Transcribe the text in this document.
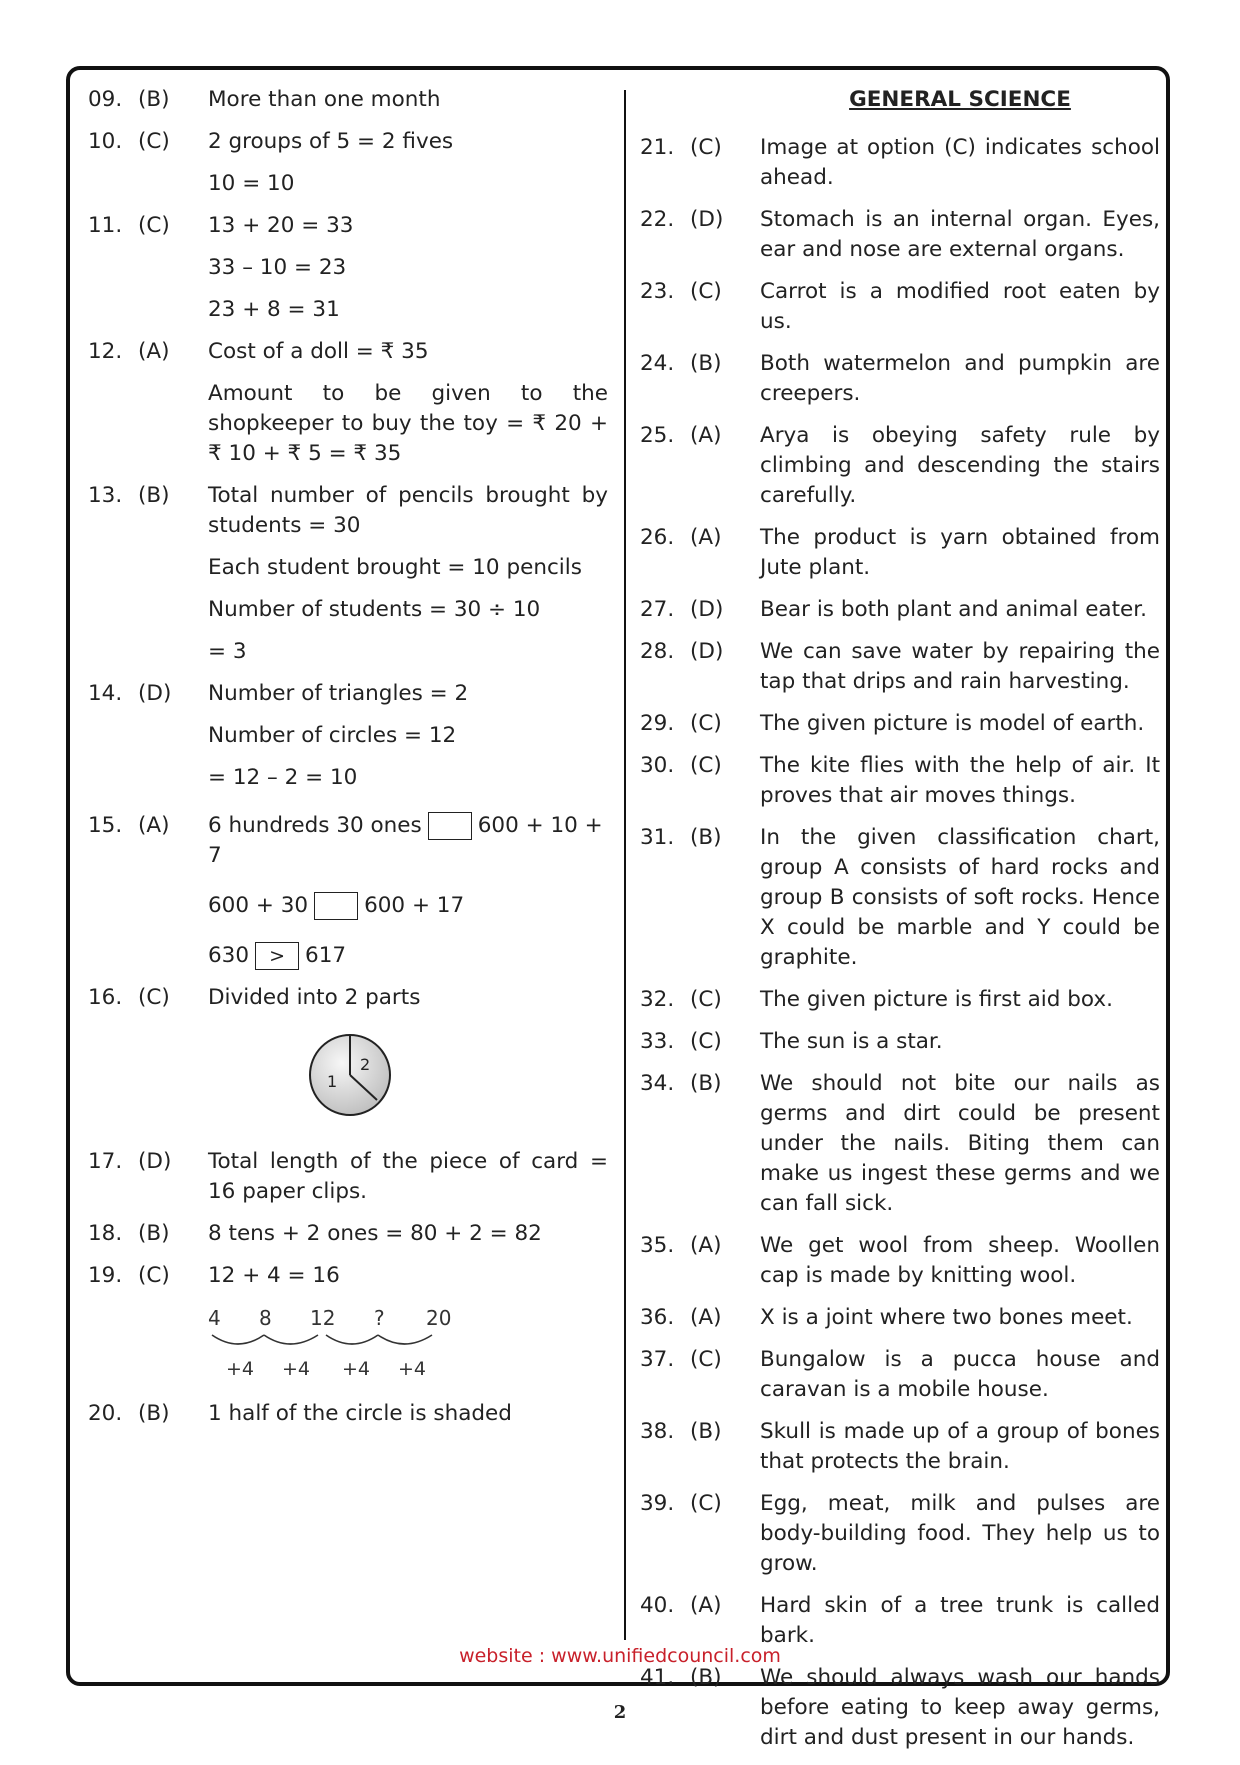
09. (B) More than one month
10. (C) 2 groups of 5 = 2 fives
10 = 10
11. (C) 13 + 20 = 33
33 – 10 = 23
23 + 8 = 31
12. (A) Cost of a doll = ₹ 35
Amount to be given to the shopkeeper to buy the toy = ₹ 20 + ₹ 10 + ₹ 5 = ₹ 35
13. (B) Total number of pencils brought by students = 30
Each student brought = 10 pencils
Number of students = 30 ÷ 10
= 3
14. (D) Number of triangles = 2
Number of circles = 12
= 12 – 2 = 10
15. (A) 6 hundreds 30 ones	600 + 10 + 7
600 + 30	600 + 17
630 > 617
16. (C) Divided into 2 parts
1
2
17. (D) Total length of the piece of card = 16 paper clips.
18. (B) 8 tens + 2 ones = 80 + 2 = 82
19. (C) 12 + 4 = 16
4 8 12 ? 20
+4 +4 +4 +4
20. (B) 1 half of the circle is shaded
GENERAL SCIENCE
21. (C) Image at option (C) indicates school ahead.
22. (D) Stomach is an internal organ. Eyes, ear and nose are external organs.
23. (C) Carrot is a modified root eaten by us.
24. (B) Both watermelon and pumpkin are creepers.
25. (A) Arya is obeying safety rule by climbing and descending the stairs carefully.
26. (A) The product is yarn obtained from Jute plant.
27. (D) Bear is both plant and animal eater.
28. (D) We can save water by repairing the tap that drips and rain harvesting.
29. (C) The given picture is model of earth.
30. (C) The kite flies with the help of air. It proves that air moves things.
31. (B) In the given classification chart, group A consists of hard rocks and group B consists of soft rocks. Hence X could be marble and Y could be graphite.
32. (C) The given picture is first aid box.
33. (C) The sun is a star.
34. (B) We should not bite our nails as germs and dirt could be present under the nails. Biting them can make us ingest these germs and we can fall sick.
35. (A) We get wool from sheep. Woollen cap is made by knitting wool.
36. (A) X is a joint where two bones meet.
37. (C) Bungalow is a pucca house and caravan is a mobile house.
38. (B) Skull is made up of a group of bones that protects the brain.
39. (C) Egg, meat, milk and pulses are body-building food. They help us to grow.
40. (A) Hard skin of a tree trunk is called bark.
41. (B) We should always wash our hands before eating to keep away germs, dirt and dust present in our hands.
website : www.unifiedcouncil.com
2
